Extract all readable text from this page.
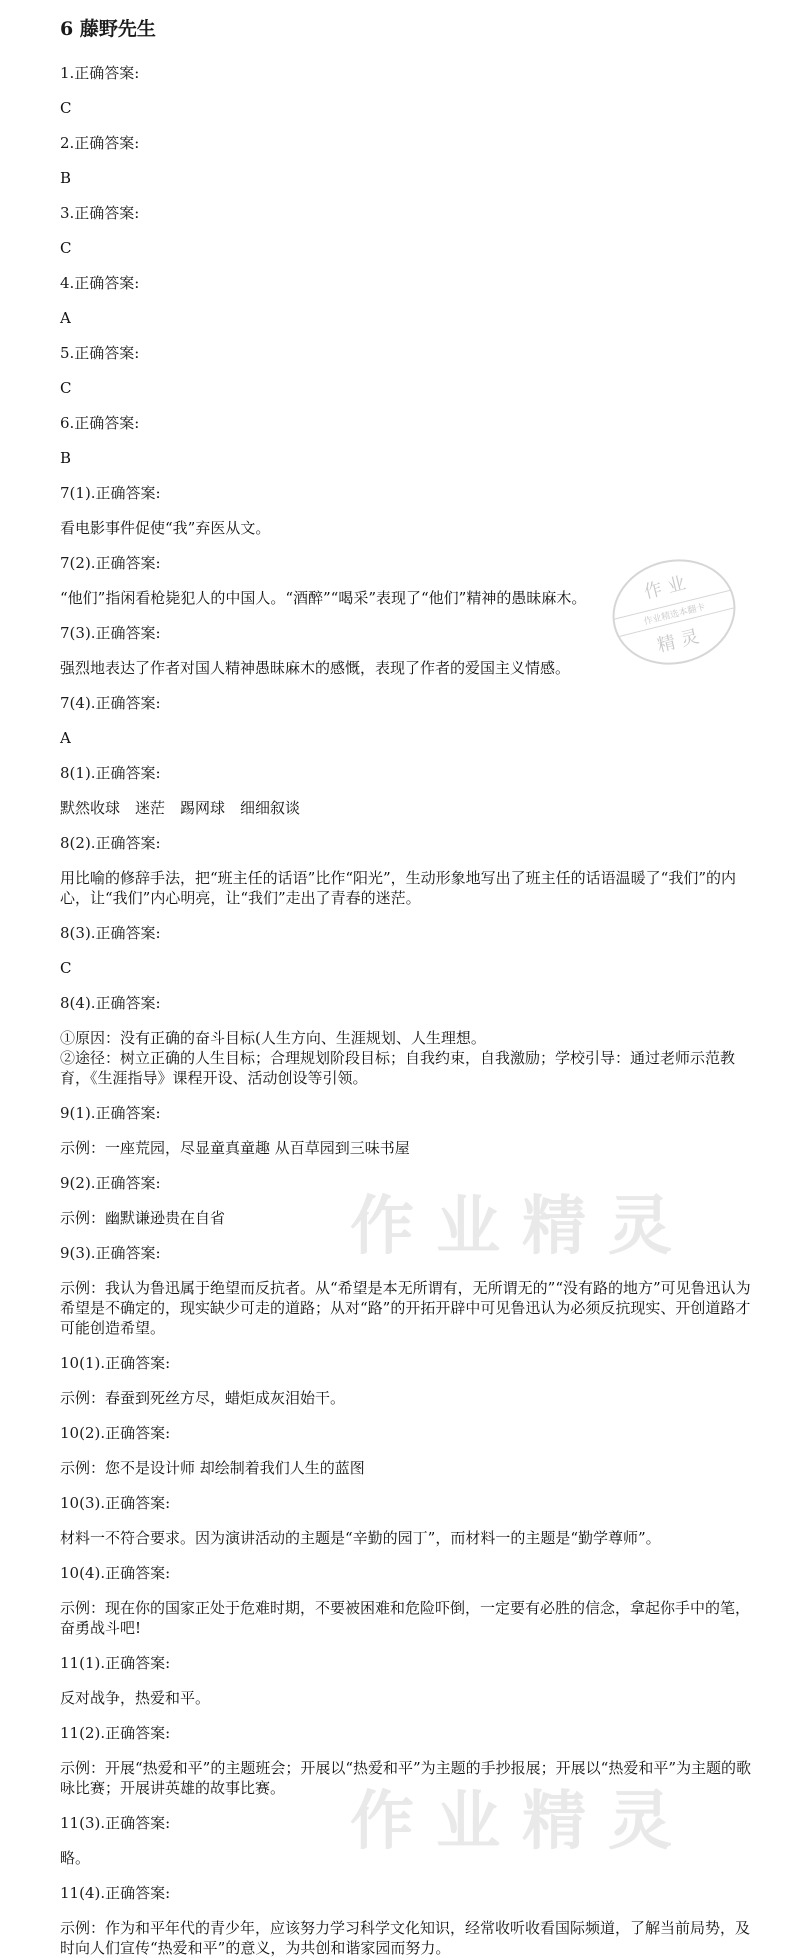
作业精灵
作业精灵
作业
作业精选本翻卡
精灵
6 藤野先生
1.正确答案:
C
2.正确答案:
B
3.正确答案:
C
4.正确答案:
A
5.正确答案:
C
6.正确答案:
B
7(1).正确答案:
看电影事件促使“我”弃医从文。
7(2).正确答案:
“他们”指闲看枪毙犯人的中国人。“酒醉”“喝采”表现了“他们”精神的愚昧麻木。
7(3).正确答案:
强烈地表达了作者对国人精神愚昧麻木的感慨，表现了作者的爱国主义情感。
7(4).正确答案:
A
8(1).正确答案:
默然收球　迷茫　踢网球　细细叙谈
8(2).正确答案:
用比喻的修辞手法，把“班主任的话语”比作“阳光”，生动形象地写出了班主任的话语温暖了“我们”的内心，让“我们”内心明亮，让“我们”走出了青春的迷茫。
8(3).正确答案:
C
8(4).正确答案:
①原因：没有正确的奋斗目标(人生方向、生涯规划、人生理想。
②途径：树立正确的人生目标；合理规划阶段目标；自我约束，自我激励；学校引导：通过老师示范教育，《生涯指导》课程开设、活动创设等引领。
9(1).正确答案:
示例：一座荒园，尽显童真童趣 从百草园到三味书屋
9(2).正确答案:
示例：幽默谦逊贵在自省
9(3).正确答案:
示例：我认为鲁迅属于绝望而反抗者。从“希望是本无所谓有，无所谓无的”“没有路的地方”可见鲁迅认为希望是不确定的，现实缺少可走的道路；从对“路”的开拓开辟中可见鲁迅认为必须反抗现实、开创道路才可能创造希望。
10(1).正确答案:
示例：春蚕到死丝方尽，蜡炬成灰泪始干。
10(2).正确答案:
示例：您不是设计师 却绘制着我们人生的蓝图
10(3).正确答案:
材料一不符合要求。因为演讲活动的主题是“辛勤的园丁”，而材料一的主题是“勤学尊师”。
10(4).正确答案:
示例：现在你的国家正处于危难时期，不要被困难和危险吓倒，一定要有必胜的信念，拿起你手中的笔，奋勇战斗吧!
11(1).正确答案:
反对战争，热爱和平。
11(2).正确答案:
示例：开展“热爱和平”的主题班会；开展以“热爱和平”为主题的手抄报展；开展以“热爱和平”为主题的歌咏比赛；开展讲英雄的故事比赛。
11(3).正确答案:
略。
11(4).正确答案:
示例：作为和平年代的青少年，应该努力学习科学文化知识，经常收听收看国际频道，了解当前局势，及时向人们宣传“热爱和平”的意义，为共创和谐家园而努力。
